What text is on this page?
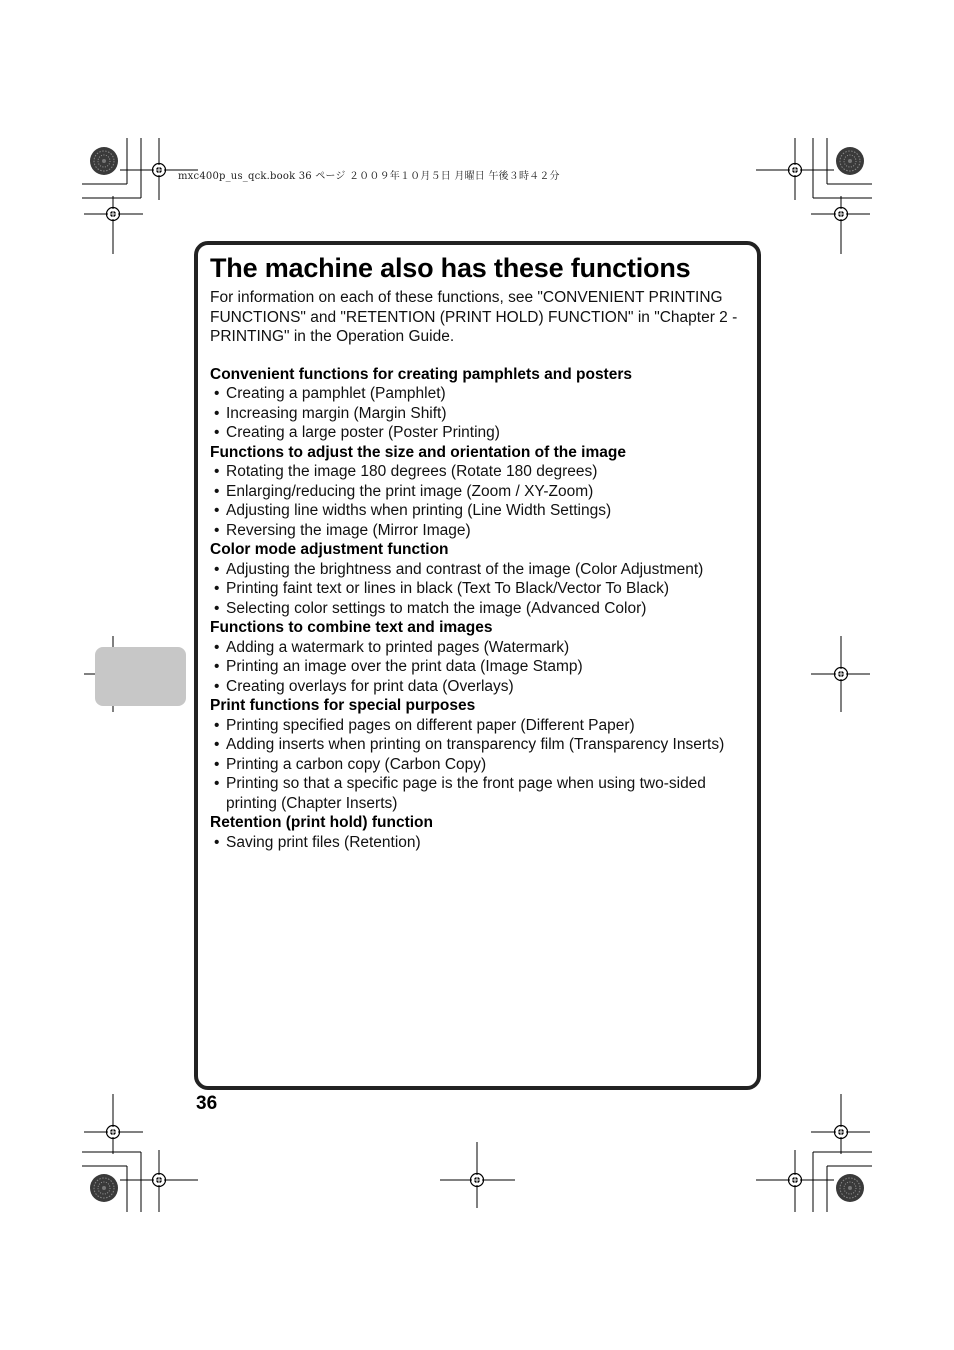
mxc400p_us_qck.book 36 ページ ２００９年１０月５日 月曜日 午後３時４２分
The machine also has these functions

For information on each of these functions, see "CONVENIENT PRINTING FUNCTIONS" and "RETENTION (PRINT HOLD) FUNCTION" in "Chapter 2 - PRINTING" in the Operation Guide.

Convenient functions for creating pamphlets and posters
• Creating a pamphlet (Pamphlet)
• Increasing margin (Margin Shift)
• Creating a large poster (Poster Printing)
Functions to adjust the size and orientation of the image
• Rotating the image 180 degrees (Rotate 180 degrees)
• Enlarging/reducing the print image (Zoom / XY-Zoom)
• Adjusting line widths when printing (Line Width Settings)
• Reversing the image (Mirror Image)
Color mode adjustment function
• Adjusting the brightness and contrast of the image (Color Adjustment)
• Printing faint text or lines in black (Text To Black/Vector To Black)
• Selecting color settings to match the image (Advanced Color)
Functions to combine text and images
• Adding a watermark to printed pages (Watermark)
• Printing an image over the print data (Image Stamp)
• Creating overlays for print data (Overlays)
Print functions for special purposes
• Printing specified pages on different paper (Different Paper)
• Adding inserts when printing on transparency film (Transparency Inserts)
• Printing a carbon copy (Carbon Copy)
• Printing so that a specific page is the front page when using two-sided printing (Chapter Inserts)
Retention (print hold) function
• Saving print files (Retention)
36
